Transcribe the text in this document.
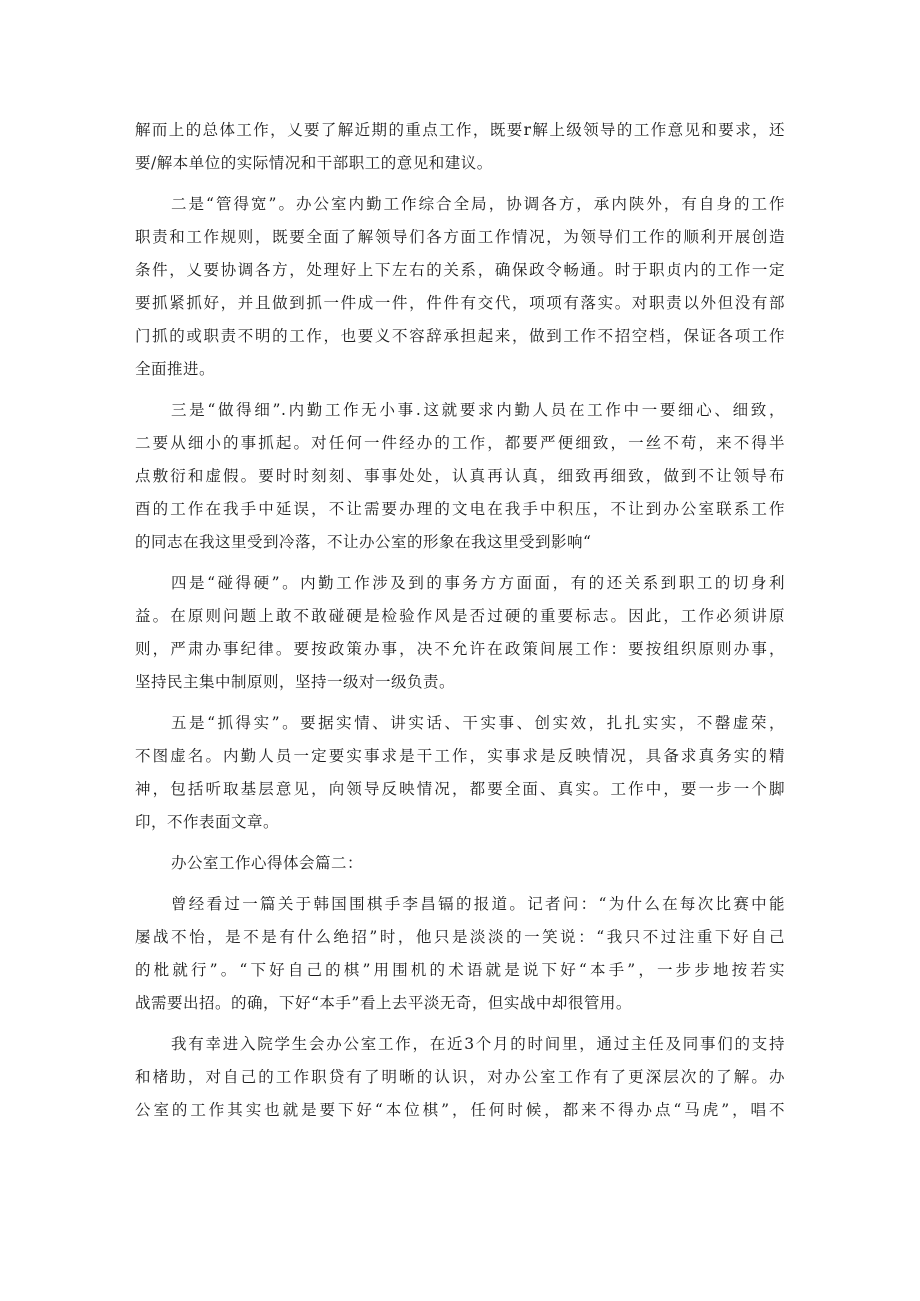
解而上的总体工作，乂要了解近期的重点工作，既要r解上级领导的工作意见和要求，还
要/解本单位的实际情况和干部职工的意见和建议。
二是“管得宽”。办公室内勤工作综合全局，协调各方，承内陕外，有自身的工作
职责和工作规则，既要全面了解领导们各方面工作情况，为领导们工作的顺利开展创造
条件，乂要协调各方，处理好上下左右的关系，确保政令畅通。时于职贞内的工作一定
要抓紧抓好，并且做到抓一件成一件，件件有交代，项项有落实。对职责以外但没有部
门抓的或职责不明的工作，也要义不容辞承担起来，做到工作不招空档，保证各项工作
全面推进。
三是“做得细”.内勤工作无小事.这就要求内勤人员在工作中一要细心、细致，
二要从细小的事抓起。对任何一件经办的工作，都要严便细致，一丝不苟，来不得半
点敷衍和虚假。要时时刻刻、事事处处，认真再认真，细致再细致，做到不让领导布
酉的工作在我手中延误，不让需要办理的文电在我手中积压，不让到办公室联系工作
的同志在我这里受到冷落，不让办公室的形象在我这里受到影响“
四是“碰得硬”。内勤工作涉及到的事务方方面面，有的还关系到职工的切身利
益。在原则问题上敢不敢碰硬是检验作风是否过硬的重要标志。因此，工作必须讲原
则，严肃办事纪律。要按政策办事，决不允许在政策间展工作：要按组织原则办事，
坚持民主集中制原则，坚持一级对一级负责。
五是“抓得实”。要据实情、讲实话、干实事、创实效，扎扎实实，不罄虚荣，
不图虚名。内勤人员一定要实事求是干工作，实事求是反映情况，具备求真务实的精
神，包括听取基层意见，向领导反映情况，都要全面、真实。工作中，要一步一个脚
印，不作表面文章。
办公室工作心得体会篇二：
曾经看过一篇关于韩国围棋手李昌镉的报道。记者问：“为什么在每次比赛中能
屡战不怡，是不是有什么绝招”时，他只是淡淡的一笑说：“我只不过注重下好自己
的枇就行”。“下好自己的棋”用围机的术语就是说下好“本手”，一步步地按若实
战需要出招。的确，下好“本手”看上去平淡无奇，但实战中却很管用。
我有幸进入院学生会办公室工作，在近3个月的时间里，通过主任及同事们的支持
和楮助，对自己的工作职贷有了明晰的认识，对办公室工作有了更深层次的了解。办
公室的工作其实也就是要下好“本位棋”，任何时候，都来不得办点“马虎”，唱不
